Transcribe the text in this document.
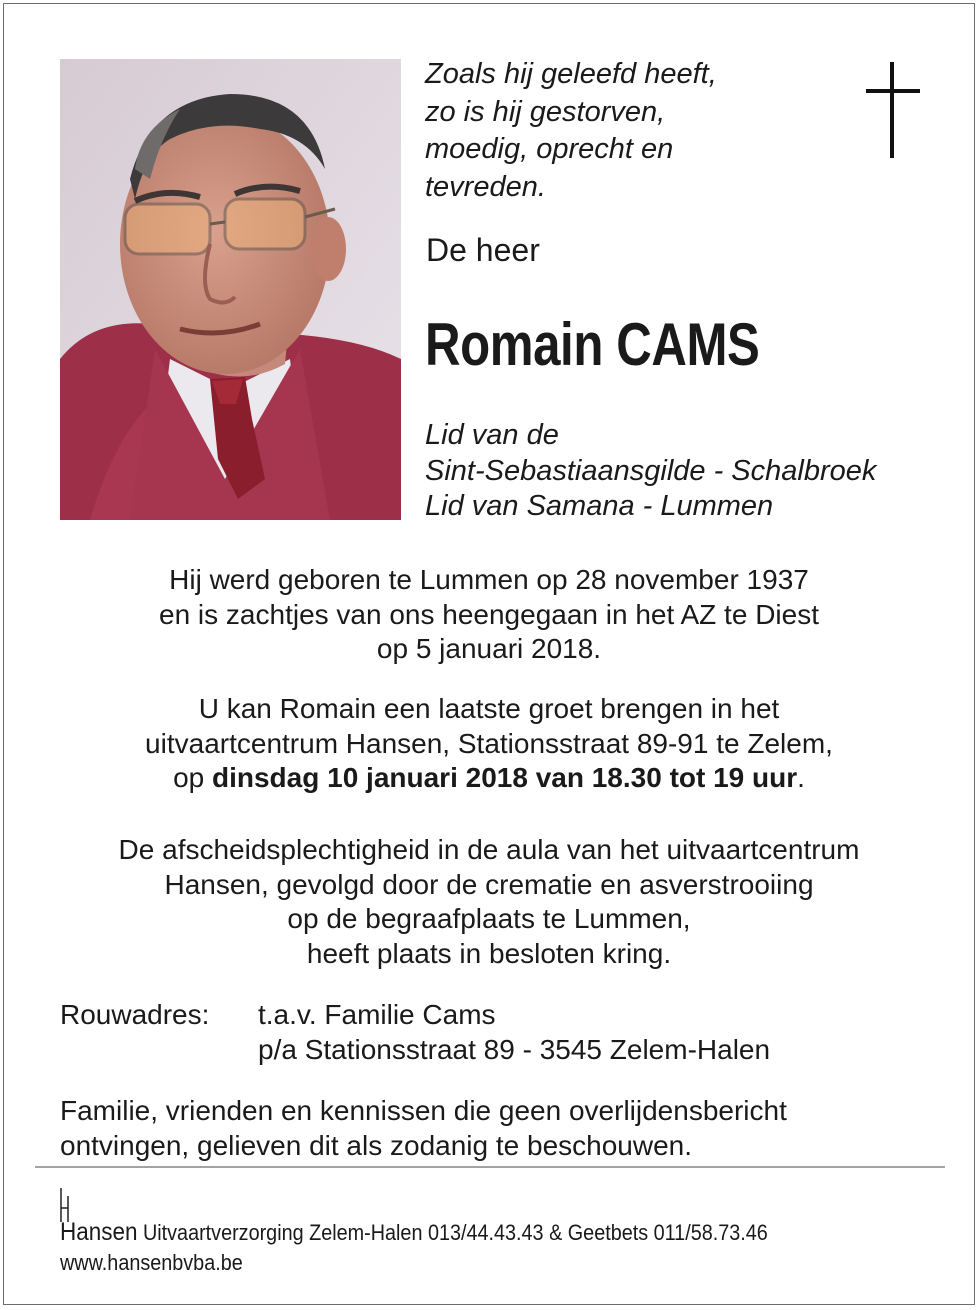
Zoals hij geleefd heeft,
zo is hij gestorven,
moedig, oprecht en
tevreden.
De heer
Romain CAMS
Lid van de
Sint-Sebastiaansgilde - Schalbroek
Lid van Samana - Lummen
Hij werd geboren te Lummen op 28 november 1937
en is zachtjes van ons heengegaan in het AZ te Diest
op 5 januari 2018.
U kan Romain een laatste groet brengen in het
uitvaartcentrum Hansen, Stationsstraat 89-91 te Zelem,
op dinsdag 10 januari 2018 van 18.30 tot 19 uur.
De afscheidsplechtigheid in de aula van het uitvaartcentrum
Hansen, gevolgd door de crematie en asverstrooiing
op de begraafplaats te Lummen,
heeft plaats in besloten kring.
Rouwadres: t.a.v. Familie Cams
p/a Stationsstraat 89 - 3545 Zelem-Halen
Familie, vrienden en kennissen die geen overlijdensbericht
ontvingen, gelieven dit als zodanig te beschouwen.
Hansen Uitvaartverzorging Zelem-Halen 013/44.43.43 & Geetbets 011/58.73.46
www.hansenbvba.be
